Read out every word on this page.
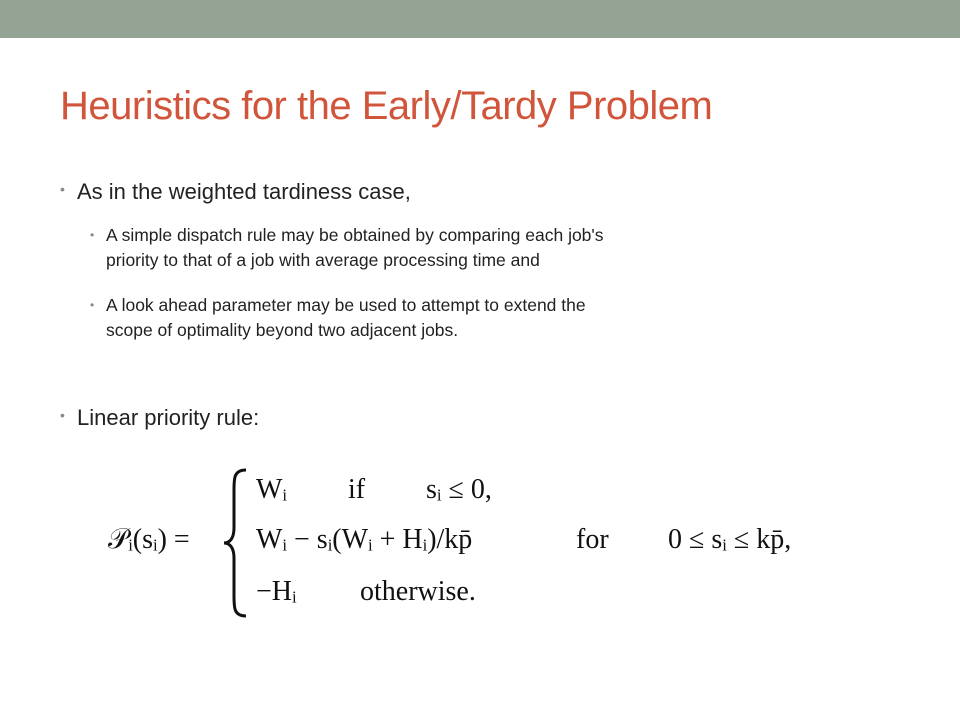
Heuristics for the Early/Tardy Problem
• As in the weighted tardiness case,
• A simple dispatch rule may be obtained by comparing each job's
priority to that of a job with average processing time and
• A look ahead parameter may be used to attempt to extend the
scope of optimality beyond two adjacent jobs.
• Linear priority rule:
𝒫ᵢ(sᵢ) =
Wᵢ if sᵢ ≤ 0,
Wᵢ − sᵢ(Wᵢ + Hᵢ)/kp̄	for 0 ≤ sᵢ ≤ kp̄,
−Hᵢ otherwise.
